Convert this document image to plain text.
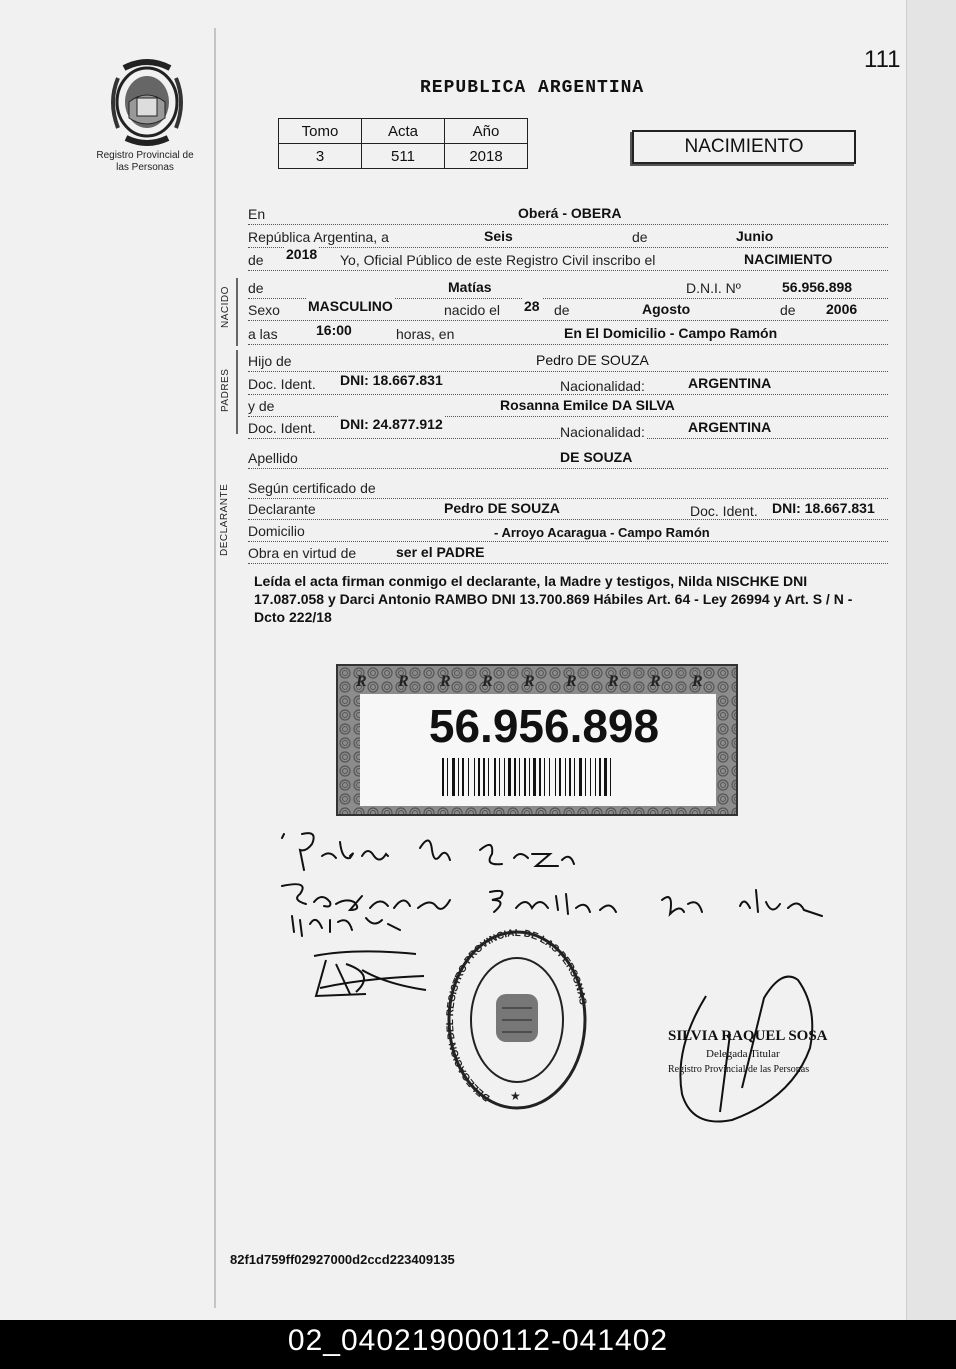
111
Registro Provincial de las Personas
REPUBLICA ARGENTINA
Tomo	Acta	Año
3	511	2018	NACIMIENTO
En	Oberá - OBERA
República Argentina, a	Seis	de	Junio
de 2018 Yo, Oficial Público de este Registro Civil inscribo el	NACIMIENTO
de	Matías	D.N.I. Nº	56.956.898
Sexo MASCULINO	nacido el 28 de	Agosto	de 2006
a las	16:00	horas, en	En El Domicilio - Campo Ramón
NACIDO
Hijo de	Pedro DE SOUZA
Doc. Ident. DNI: 18.667.831	Nacionalidad:	ARGENTINA
y de	Rosanna Emilce DA SILVA
Doc. Ident. DNI: 24.877.912	Nacionalidad:	ARGENTINA
PADRES
Apellido	DE SOUZA
Según certificado de
Declarante	Pedro DE SOUZA	Doc. Ident. DNI: 18.667.831
Domicilio	- Arroyo Acaragua - Campo Ramón
Obra en virtud de	ser el PADRE
DECLARANTE
Leída el acta firman conmigo el declarante, la Madre y testigos, Nilda NISCHKE DNI 17.087.058 y Darci Antonio RAMBO DNI 13.700.869 Hábiles Art. 64 - Ley 26994 y Art. S / N - Dcto 222/18
R R R R R R R R R
56.956.898
DELEGACION DEL REGISTRO PROVINCIAL DE LAS PERSONAS
★
SILVIA RAQUEL SOSA
Delegada Titular
Registro Provincial de las Personas
82f1d759ff02927000d2ccd223409135
02_040219000112-041402
